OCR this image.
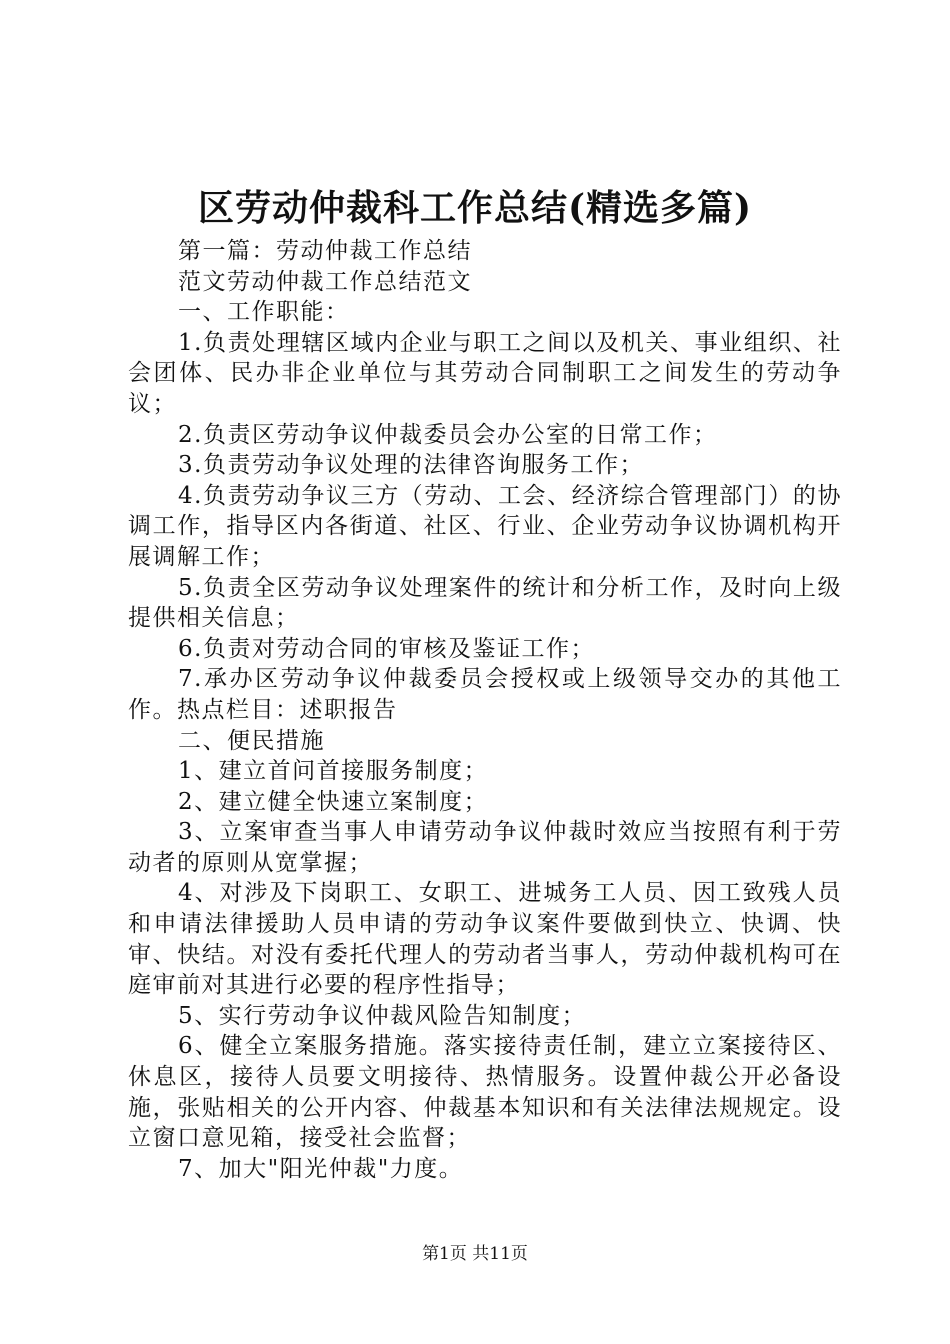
区劳动仲裁科工作总结(精选多篇)

第一篇：劳动仲裁工作总结

范文劳动仲裁工作总结范文

一、工作职能：

1.负责处理辖区域内企业与职工之间以及机关、事业组织、社会团体、民办非企业单位与其劳动合同制职工之间发生的劳动争议；

2.负责区劳动争议仲裁委员会办公室的日常工作；

3.负责劳动争议处理的法律咨询服务工作；

4.负责劳动争议三方（劳动、工会、经济综合管理部门）的协调工作，指导区内各街道、社区、行业、企业劳动争议协调机构开展调解工作；

5.负责全区劳动争议处理案件的统计和分析工作，及时向上级提供相关信息；

6.负责对劳动合同的审核及鉴证工作；

7.承办区劳动争议仲裁委员会授权或上级领导交办的其他工作。热点栏目：述职报告

二、便民措施

1、建立首问首接服务制度；

2、建立健全快速立案制度；

3、立案审查当事人申请劳动争议仲裁时效应当按照有利于劳动者的原则从宽掌握；

4、对涉及下岗职工、女职工、进城务工人员、因工致残人员和申请法律援助人员申请的劳动争议案件要做到快立、快调、快审、快结。对没有委托代理人的劳动者当事人，劳动仲裁机构可在庭审前对其进行必要的程序性指导；

5、实行劳动争议仲裁风险告知制度；

6、健全立案服务措施。落实接待责任制，建立立案接待区、休息区，接待人员要文明接待、热情服务。设置仲裁公开必备设施，张贴相关的公开内容、仲裁基本知识和有关法律法规规定。设立窗口意见箱，接受社会监督；

7、加大"阳光仲裁"力度。

第1页 共11页
